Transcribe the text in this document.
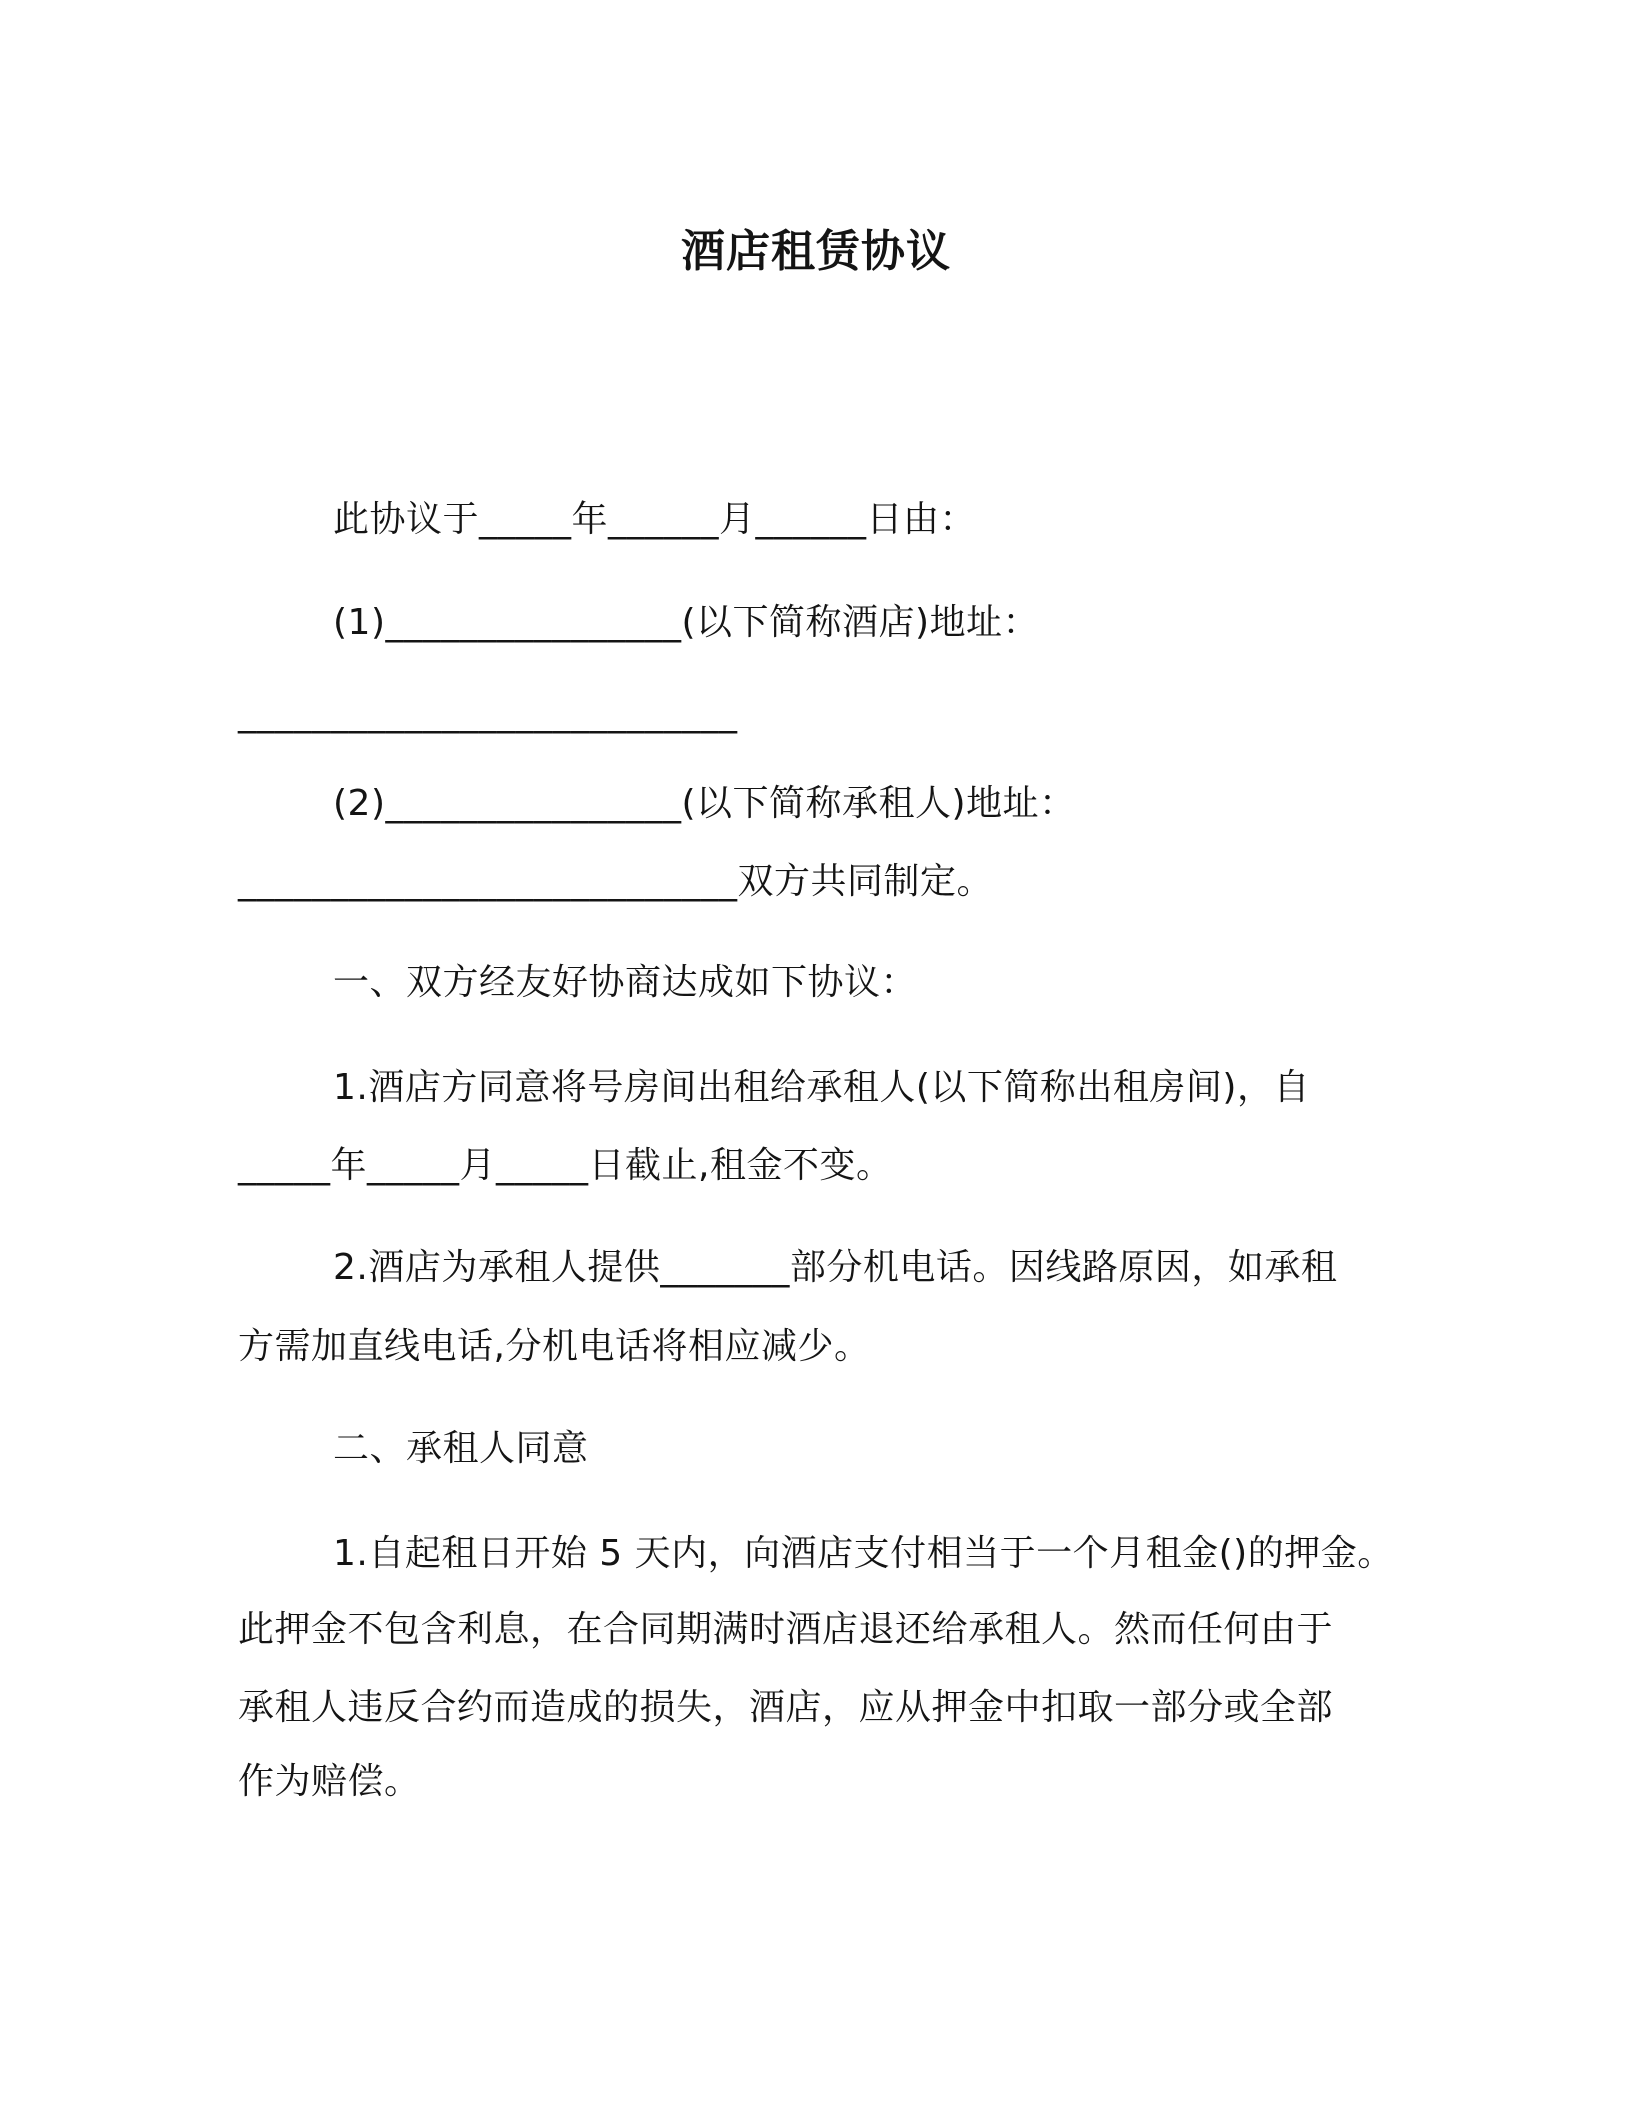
酒店租赁协议
此协议于_____年______月______日由：
(1)________________(以下简称酒店)地址：
___________________________
(2)________________(以下简称承租人)地址：
___________________________双方共同制定。
一、双方经友好协商达成如下协议：
1.酒店方同意将号房间出租给承租人(以下简称出租房间)，自
_____年_____月_____日截止,租金不变。
2.酒店为承租人提供_______部分机电话。因线路原因，如承租
方需加直线电话,分机电话将相应减少。
二、承租人同意
1.自起租日开始 5 天内，向酒店支付相当于一个月租金()的押金。
此押金不包含利息，在合同期满时酒店退还给承租人。然而任何由于
承租人违反合约而造成的损失，酒店，应从押金中扣取一部分或全部
作为赔偿。
